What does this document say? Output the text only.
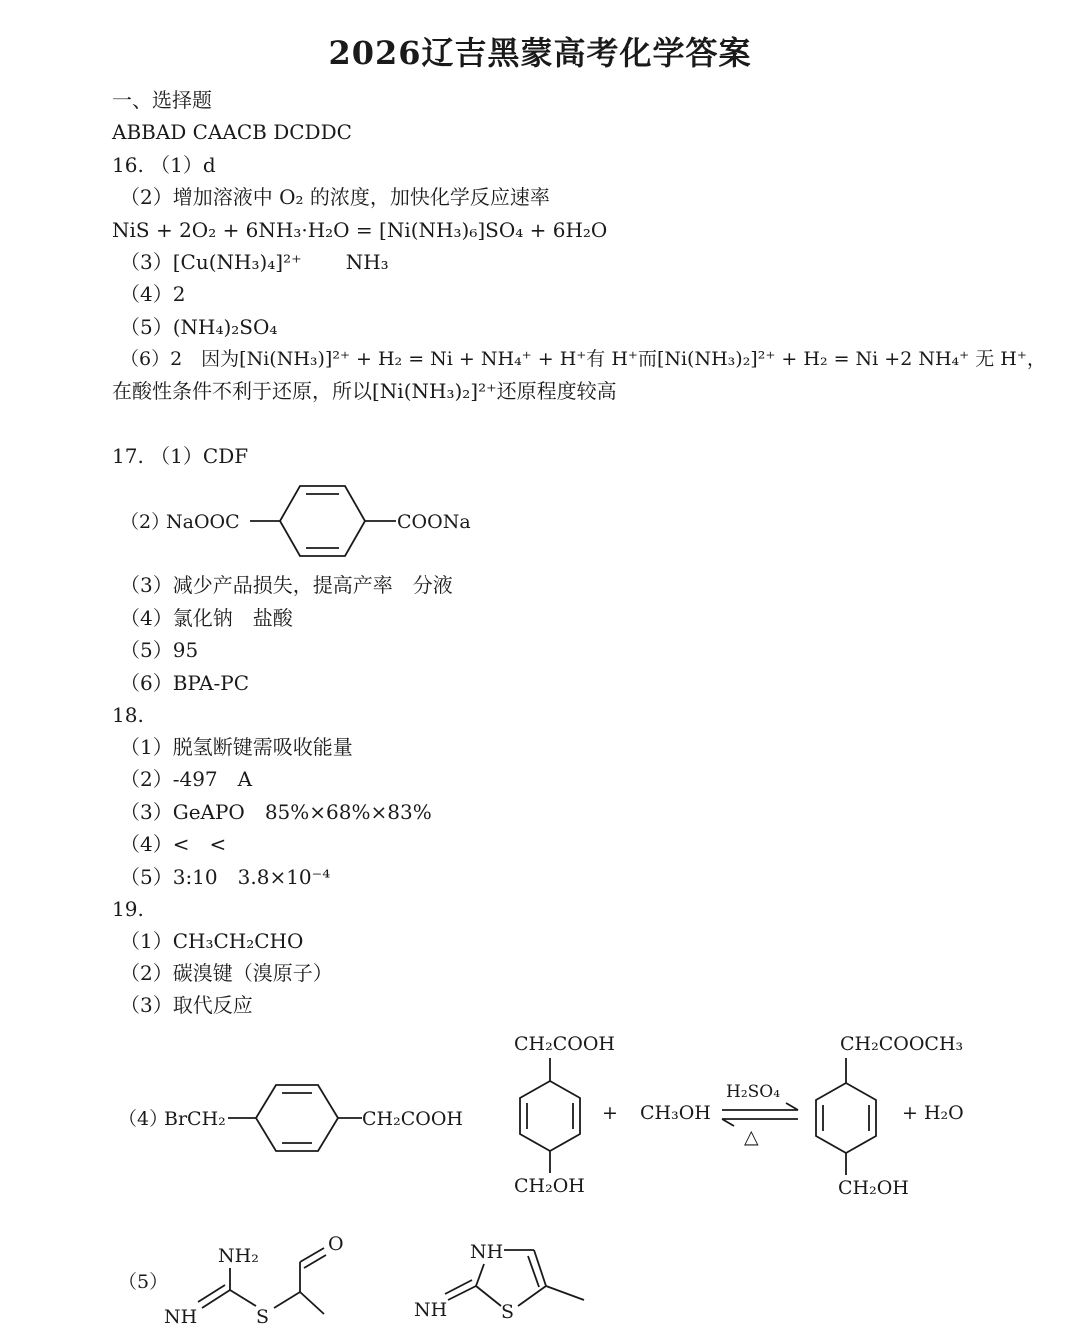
2026辽吉黑蒙高考化学答案
一、选择题
ABBAD CAACB DCDDC
16. （1）d
（2）增加溶液中 O₂ 的浓度，加快化学反应速率
NiS + 2O₂ + 6NH₃·H₂O = [Ni(NH₃)₆]SO₄ + 6H₂O
（3）[Cu(NH₃)₄]²⁺ NH₃
（4）2
（5）(NH₄)₂SO₄
（6）2　因为[Ni(NH₃)]²⁺ + H₂ = Ni + NH₄⁺ + H⁺有 H⁺而[Ni(NH₃)₂]²⁺ + H₂ = Ni +2 NH₄⁺ 无 H⁺，
在酸性条件不利于还原，所以[Ni(NH₃)₂]²⁺还原程度较高
17. （1）CDF
（2）
NaOOC	COONa
（3）减少产品损失，提高产率　分液
（4）氯化钠　盐酸
（5）95
（6）BPA-PC
18.
（1）脱氢断键需吸收能量
（2）-497　A
（3）GeAPO　85%×68%×83%
（4）<　<
（5）3:10　3.8×10⁻⁴
19.
（1）CH₃CH₂CHO
（2）碳溴键（溴原子）
（3）取代反应
（4）
BrCH₂	CH₂COOH
CH₂COOH
CH₂OH
+ CH₃OH
H₂SO₄
△
CH₂COOCH₃
CH₂OH
+ H₂O
（5）
NH₂
NH	S
O	NH
NH	S
